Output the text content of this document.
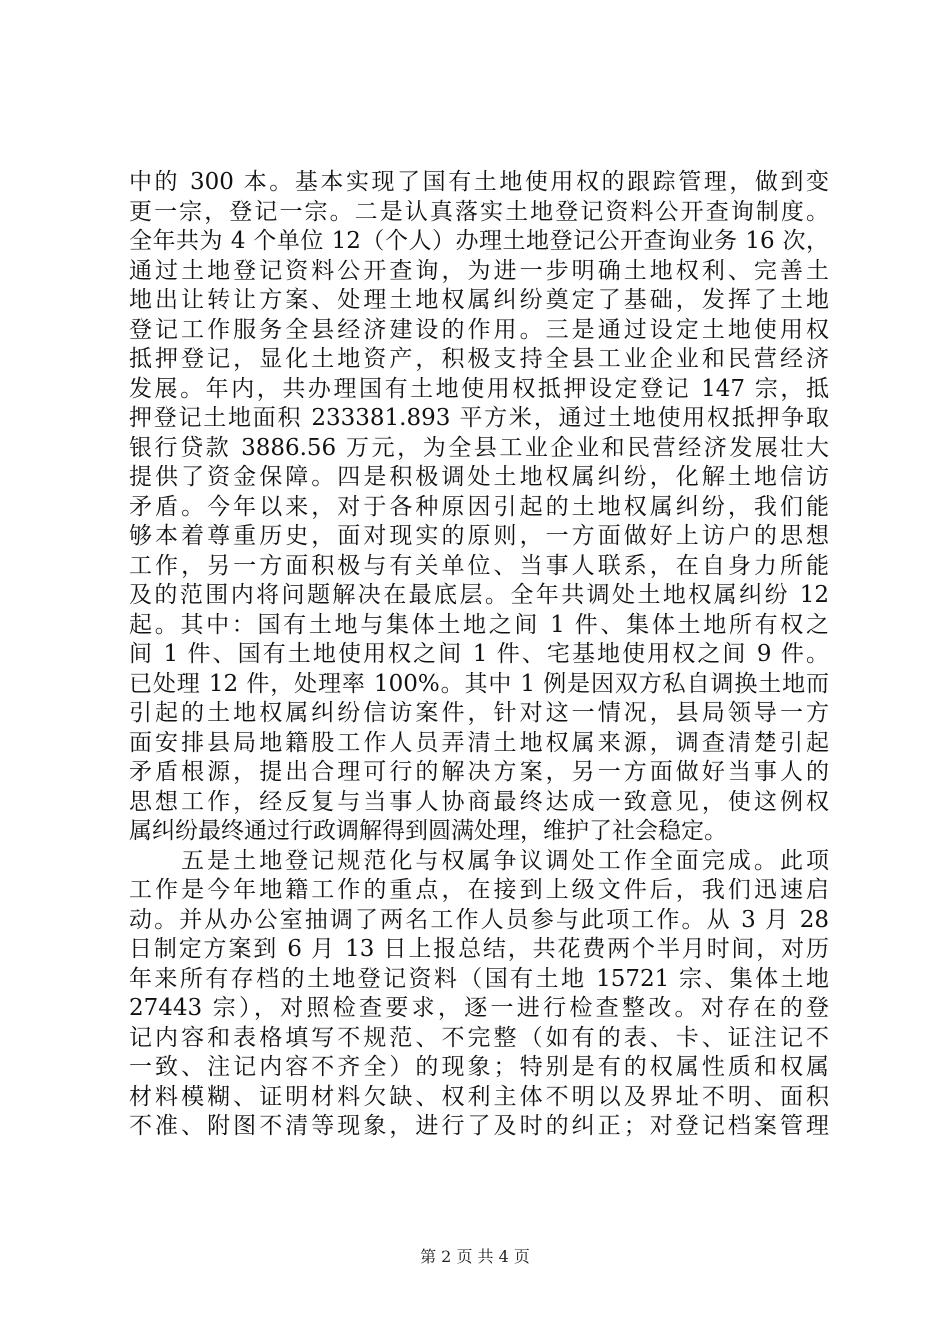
中的 300 本。基本实现了国有土地使用权的跟踪管理，做到变
更一宗，登记一宗。二是认真落实土地登记资料公开查询制度。
全年共为 4 个单位 12（个人）办理土地登记公开查询业务 16 次，
通过土地登记资料公开查询，为进一步明确土地权利、完善土
地出让转让方案、处理土地权属纠纷奠定了基础，发挥了土地
登记工作服务全县经济建设的作用。三是通过设定土地使用权
抵押登记，显化土地资产，积极支持全县工业企业和民营经济
发展。年内，共办理国有土地使用权抵押设定登记 147 宗，抵
押登记土地面积 233381.893 平方米，通过土地使用权抵押争取
银行贷款 3886.56 万元，为全县工业企业和民营经济发展壮大
提供了资金保障。四是积极调处土地权属纠纷，化解土地信访
矛盾。今年以来，对于各种原因引起的土地权属纠纷，我们能
够本着尊重历史，面对现实的原则，一方面做好上访户的思想
工作，另一方面积极与有关单位、当事人联系，在自身力所能
及的范围内将问题解决在最底层。全年共调处土地权属纠纷 12
起。其中：国有土地与集体土地之间 1 件、集体土地所有权之
间 1 件、国有土地使用权之间 1 件、宅基地使用权之间 9 件。
已处理 12 件，处理率 100%。其中 1 例是因双方私自调换土地而
引起的土地权属纠纷信访案件，针对这一情况，县局领导一方
面安排县局地籍股工作人员弄清土地权属来源，调查清楚引起
矛盾根源，提出合理可行的解决方案，另一方面做好当事人的
思想工作，经反复与当事人协商最终达成一致意见，使这例权
属纠纷最终通过行政调解得到圆满处理，维护了社会稳定。
　　五是土地登记规范化与权属争议调处工作全面完成。此项
工作是今年地籍工作的重点，在接到上级文件后，我们迅速启
动。并从办公室抽调了两名工作人员参与此项工作。从 3 月 28
日制定方案到 6 月 13 日上报总结，共花费两个半月时间，对历
年来所有存档的土地登记资料（国有土地 15721 宗、集体土地
27443 宗），对照检查要求，逐一进行检查整改。对存在的登
记内容和表格填写不规范、不完整（如有的表、卡、证注记不
一致、注记内容不齐全）的现象；特别是有的权属性质和权属
材料模糊、证明材料欠缺、权利主体不明以及界址不明、面积
不准、附图不清等现象，进行了及时的纠正；对登记档案管理
第 2 页 共 4 页
